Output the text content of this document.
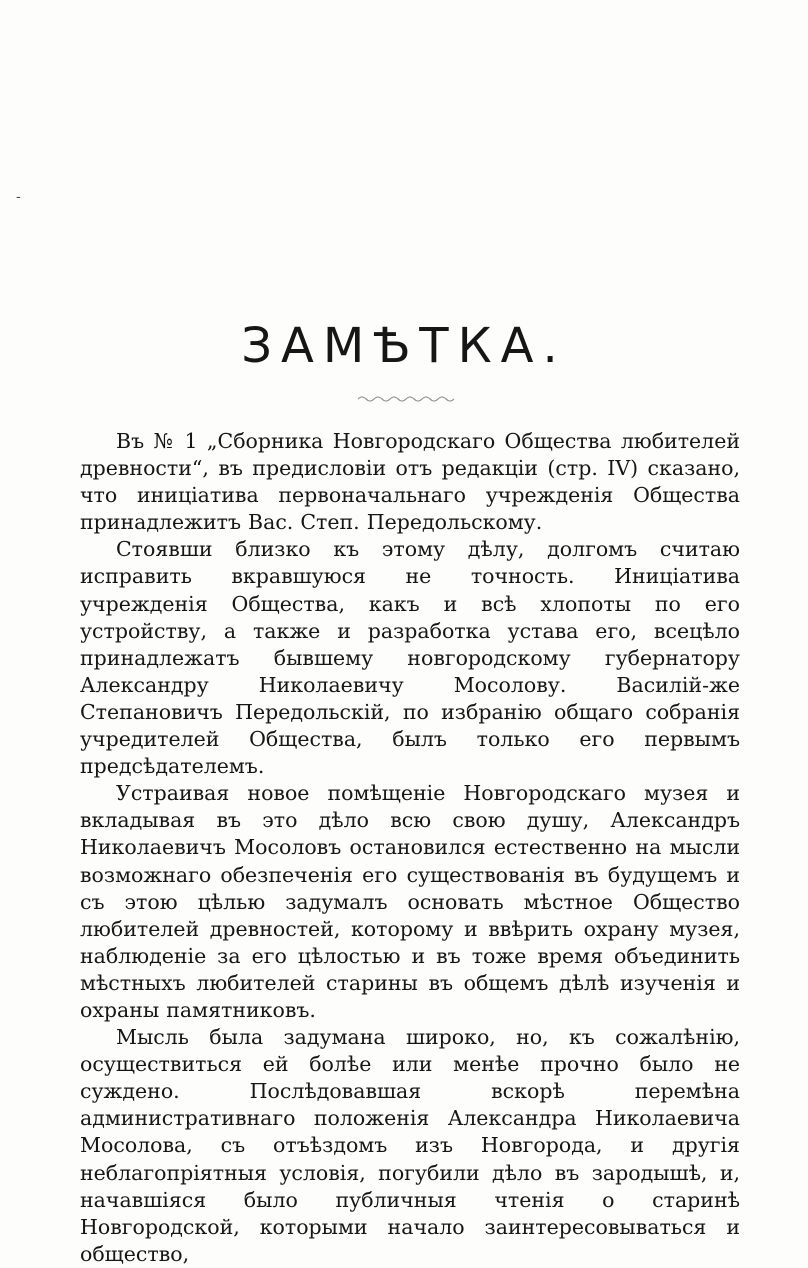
-
ЗАМѢТКА.

Въ № 1 „Сборника Новгородскаго Общества любителей древности“, въ предисловіи отъ редакціи (стр. IV) сказано, что иниціатива первоначальнаго учрежденія Общества принадлежитъ Вас. Степ. Передольскому.

Стоявши близко къ этому дѣлу, долгомъ считаю исправить вкравшуюся не точность. Иниціатива учрежденія Общества, какъ и всѣ хлопоты по его устройству, а также и разработка устава его, всецѣло принадлежатъ бывшему новгородскому губернатору Александру Николаевичу Мосолову. Василій-же Степановичъ Передольскій, по избранію общаго собранія учредителей Общества, былъ только его первымъ предсѣдателемъ.

Устраивая новое помѣщеніе Новгородскаго музея и вкладывая въ это дѣло всю свою душу, Александръ Николаевичъ Мосоловъ остановился естественно на мысли возможнаго обезпеченія его существованія въ будущемъ и съ этою цѣлью задумалъ основать мѣстное Общество любителей древностей, которому и ввѣрить охрану музея, наблюденіе за его цѣлостью и въ тоже время объединить мѣстныхъ любителей старины въ общемъ дѣлѣ изученія и охраны памятниковъ.

Мысль была задумана широко, но, къ сожалѣнію, осуществиться ей болѣе или менѣе прочно было не суждено. Послѣдовавшая вскорѣ перемѣна административнаго положенія Александра Николаевича Мосолова, съ отъѣздомъ изъ Новгорода, и другія неблагопріятныя условія, погубили дѣло въ зародышѣ, и, начавшіяся было публичныя чтенія о старинѣ Новгородской, которыми начало заинтересовываться и общество,
